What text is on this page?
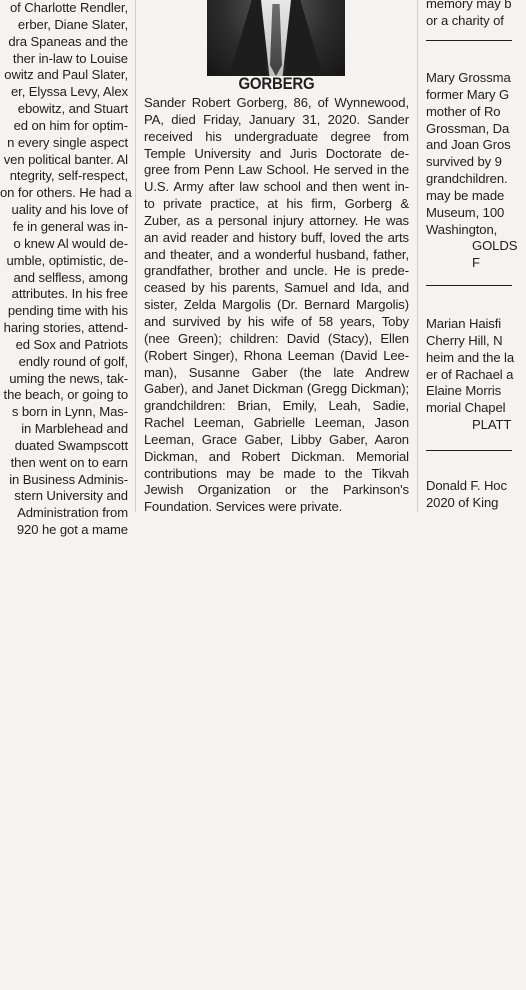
of Charlotte Rendler,
erber, Diane Slater,
dra Spaneas and the
ther in-law to Louise
owitz and Paul Slater,
er, Elyssa Levy, Alex
ebowitz, and Stuart
ed on him for optim-
n every single aspect
ven political banter. Al
ntegrity, self-respect,
on for others. He had a
uality and his love of
fe in general was in-
o knew Al would de-
umble, optimistic, de-
and selfless, among
attributes. In his free
pending time with his
haring stories, attend-
ed Sox and Patriots
endly round of golf,
uming the news, tak-
the beach, or going to
s born in Lynn, Mas-
in Marblehead and
duated Swampscott
then went on to earn
in Business Adminis-
stern University and
Administration from
920 he got a mame
GORBERG
Sander Robert Gorberg, 86, of Wynnewood,
PA, died Friday, January 31, 2020. Sander
received his undergraduate degree from
Temple University and Juris Doctorate de-
gree from Penn Law School. He served in the
U.S. Army after law school and then went in-
to private practice, at his firm, Gorberg &
Zuber, as a personal injury attorney. He was
an avid reader and history buff, loved the arts
and theater, and a wonderful husband, father,
grandfather, brother and uncle. He is prede-
ceased by his parents, Samuel and Ida, and
sister, Zelda Margolis (Dr. Bernard Margolis)
and survived by his wife of 58 years, Toby
(nee Green); children: David (Stacy), Ellen
(Robert Singer), Rhona Leeman (David Lee-
man), Susanne Gaber (the late Andrew
Gaber), and Janet Dickman (Gregg Dickman);
grandchildren: Brian, Emily, Leah, Sadie,
Rachel Leeman, Gabrielle Leeman, Jason
Leeman, Grace Gaber, Libby Gaber, Aaron
Dickman, and Robert Dickman. Memorial
contributions may be made to the Tikvah
Jewish Organization or the Parkinson's
Foundation. Services were private.
memory may b
or a charity of
Mary Grossma
former Mary G
mother of Ro
Grossman, Da
and Joan Gros
survived by 9
grandchildren.
may be made
Museum, 100
Washington,
GOLDS
F
Marian Haisfi
Cherry Hill, N
heim and the la
er of Rachael a
Elaine Morris
morial Chapel
PLATT
Donald F. Hoc
2020 of King
